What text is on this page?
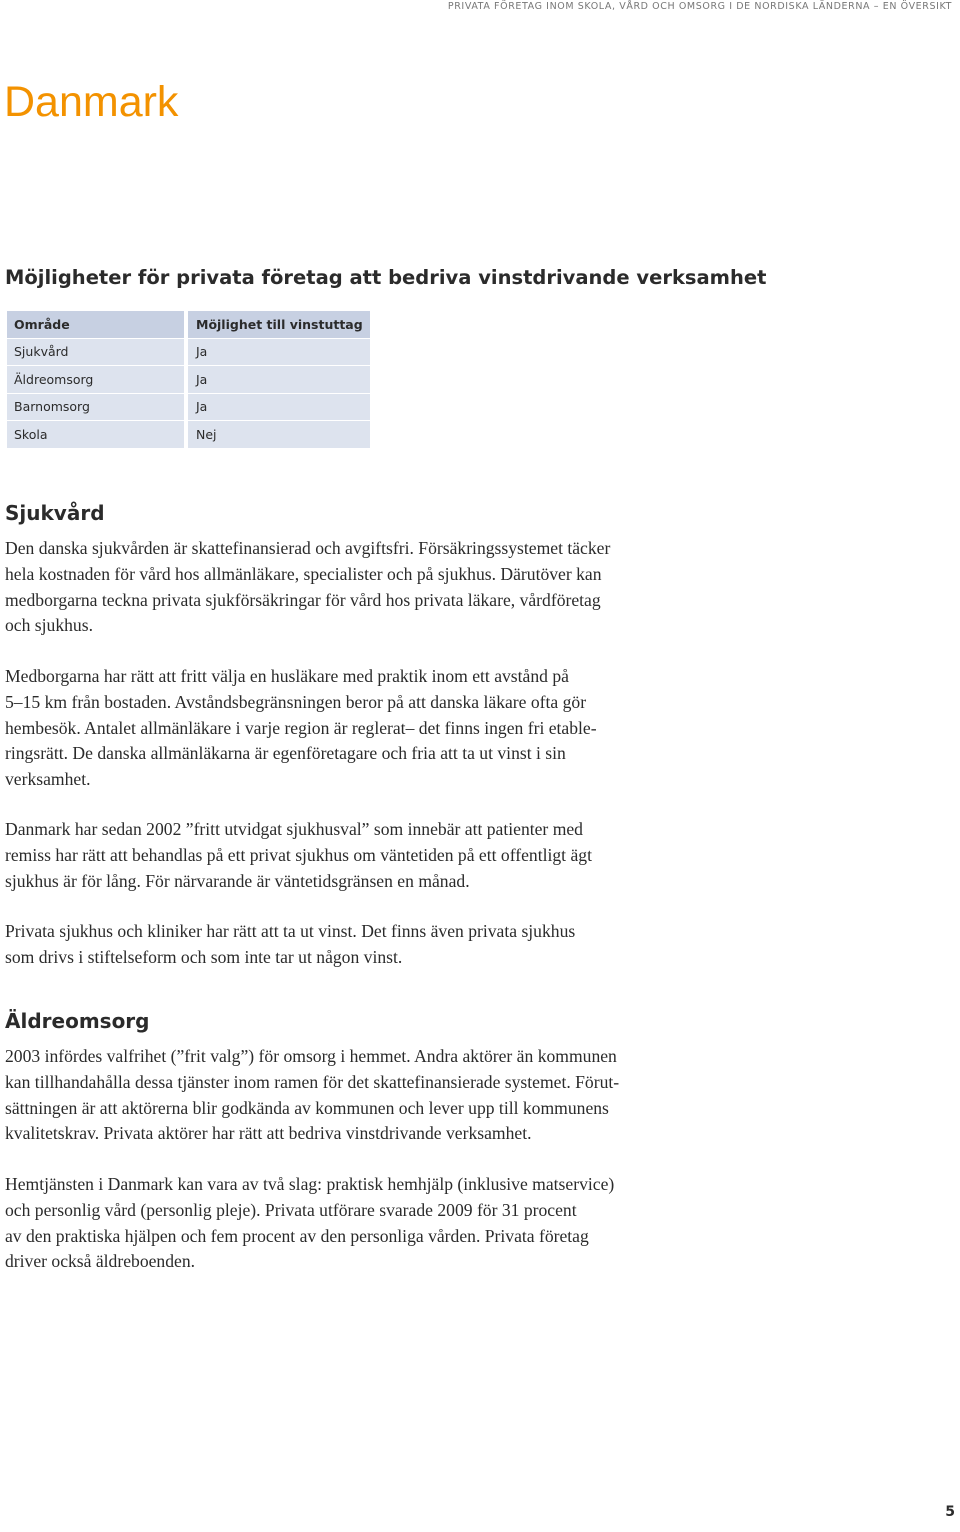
PRIVATA FÖRETAG INOM SKOLA, VÅRD OCH OMSORG I DE NORDISKA LÄNDERNA – EN ÖVERSIKT
Danmark
Möjligheter för privata företag att bedriva vinstdrivande verksamhet
Område	Möjlighet till vinstuttag
Sjukvård	Ja
Äldreomsorg	Ja
Barnomsorg	Ja
Skola	Nej
Sjukvård

Den danska sjukvården är skattefinansierad och avgiftsfri. Försäkringssystemet täcker
hela kostnaden för vård hos allmänläkare, specialister och på sjukhus. Därutöver kan
medborgarna teckna privata sjukförsäkringar för vård hos privata läkare, vårdföretag
och sjukhus.

Medborgarna har rätt att fritt välja en husläkare med praktik inom ett avstånd på
5–15 km från bostaden. Avståndsbegränsningen beror på att danska läkare ofta gör
hembesök. Antalet allmänläkare i varje region är reglerat– det finns ingen fri etable-
ringsrätt. De danska allmänläkarna är egenföretagare och fria att ta ut vinst i sin
verksamhet.

Danmark har sedan 2002 ”fritt utvidgat sjukhusval” som innebär att patienter med
remiss har rätt att behandlas på ett privat sjukhus om väntetiden på ett offentligt ägt
sjukhus är för lång. För närvarande är väntetidsgränsen en månad.

Privata sjukhus och kliniker har rätt att ta ut vinst. Det finns även privata sjukhus
som drivs i stiftelseform och som inte tar ut någon vinst.

Äldreomsorg

2003 infördes valfrihet (”frit valg”) för omsorg i hemmet. Andra aktörer än kommunen
kan tillhandahålla dessa tjänster inom ramen för det skattefinansierade systemet. Förut-
sättningen är att aktörerna blir godkända av kommunen och lever upp till kommunens
kvalitetskrav. Privata aktörer har rätt att bedriva vinstdrivande verksamhet.

Hemtjänsten i Danmark kan vara av två slag: praktisk hemhjälp (inklusive matservice)
och personlig vård (personlig pleje). Privata utförare svarade 2009 för 31 procent
av den praktiska hjälpen och fem procent av den personliga vården. Privata företag
driver också äldreboenden.

5
